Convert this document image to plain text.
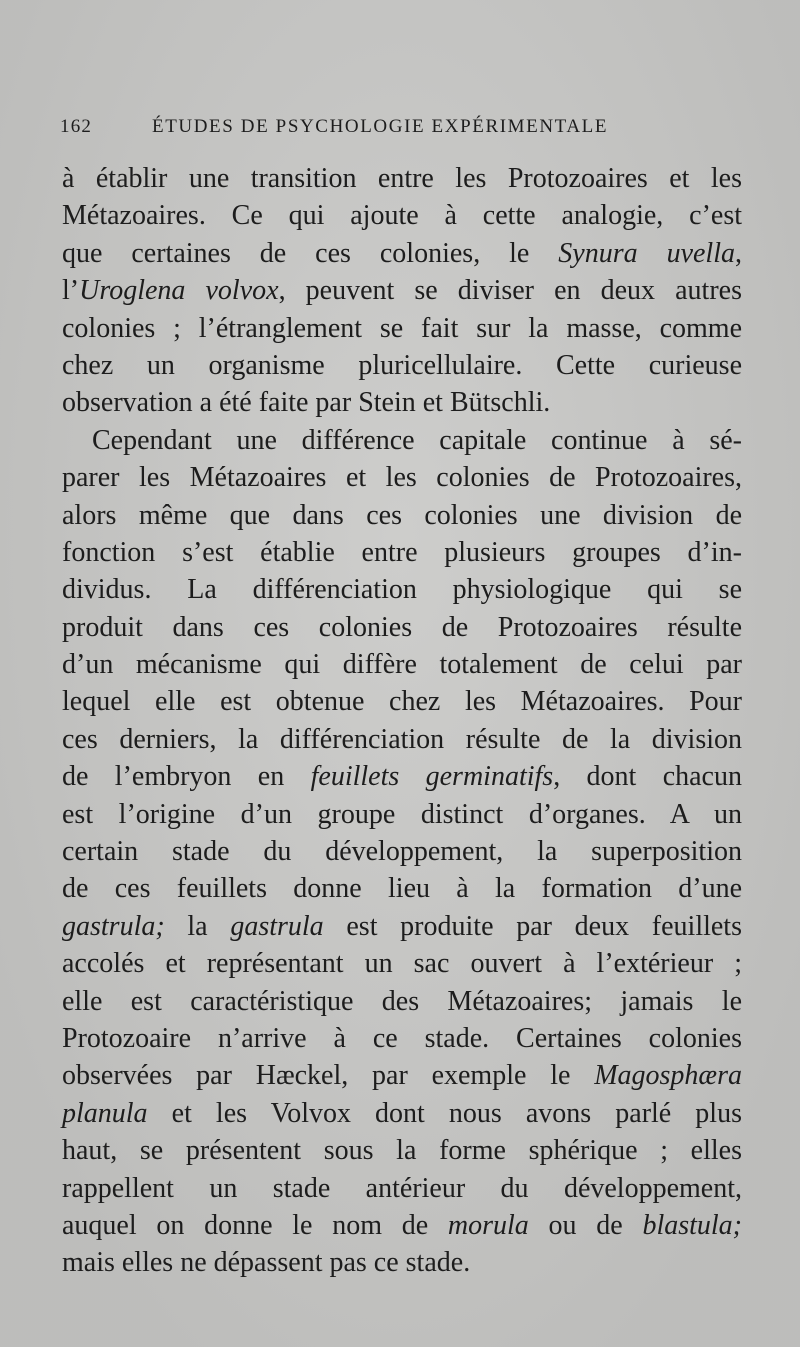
162	ÉTUDES DE PSYCHOLOGIE EXPÉRIMENTALE
à établir une transition entre les Protozoaires et les
Métazoaires. Ce qui ajoute à cette analogie, c’est
que certaines de ces colonies, le Synura uvella,
l’Uroglena volvox, peuvent se diviser en deux autres
colonies ; l’étranglement se fait sur la masse, comme
chez un organisme pluricellulaire. Cette curieuse
observation a été faite par Stein et Bütschli.
Cependant une différence capitale continue à sé-
parer les Métazoaires et les colonies de Protozoaires,
alors même que dans ces colonies une division de
fonction s’est établie entre plusieurs groupes d’in-
dividus. La différenciation physiologique qui se
produit dans ces colonies de Protozoaires résulte
d’un mécanisme qui diffère totalement de celui par
lequel elle est obtenue chez les Métazoaires. Pour
ces derniers, la différenciation résulte de la division
de l’embryon en feuillets germinatifs, dont chacun
est l’origine d’un groupe distinct d’organes. A un
certain stade du développement, la superposition
de ces feuillets donne lieu à la formation d’une
gastrula; la gastrula est produite par deux feuillets
accolés et représentant un sac ouvert à l’extérieur ;
elle est caractéristique des Métazoaires; jamais le
Protozoaire n’arrive à ce stade. Certaines colonies
observées par Hæckel, par exemple le Magosphæra
planula et les Volvox dont nous avons parlé plus
haut, se présentent sous la forme sphérique ; elles
rappellent un stade antérieur du développement,
auquel on donne le nom de morula ou de blastula;
mais elles ne dépassent pas ce stade.
